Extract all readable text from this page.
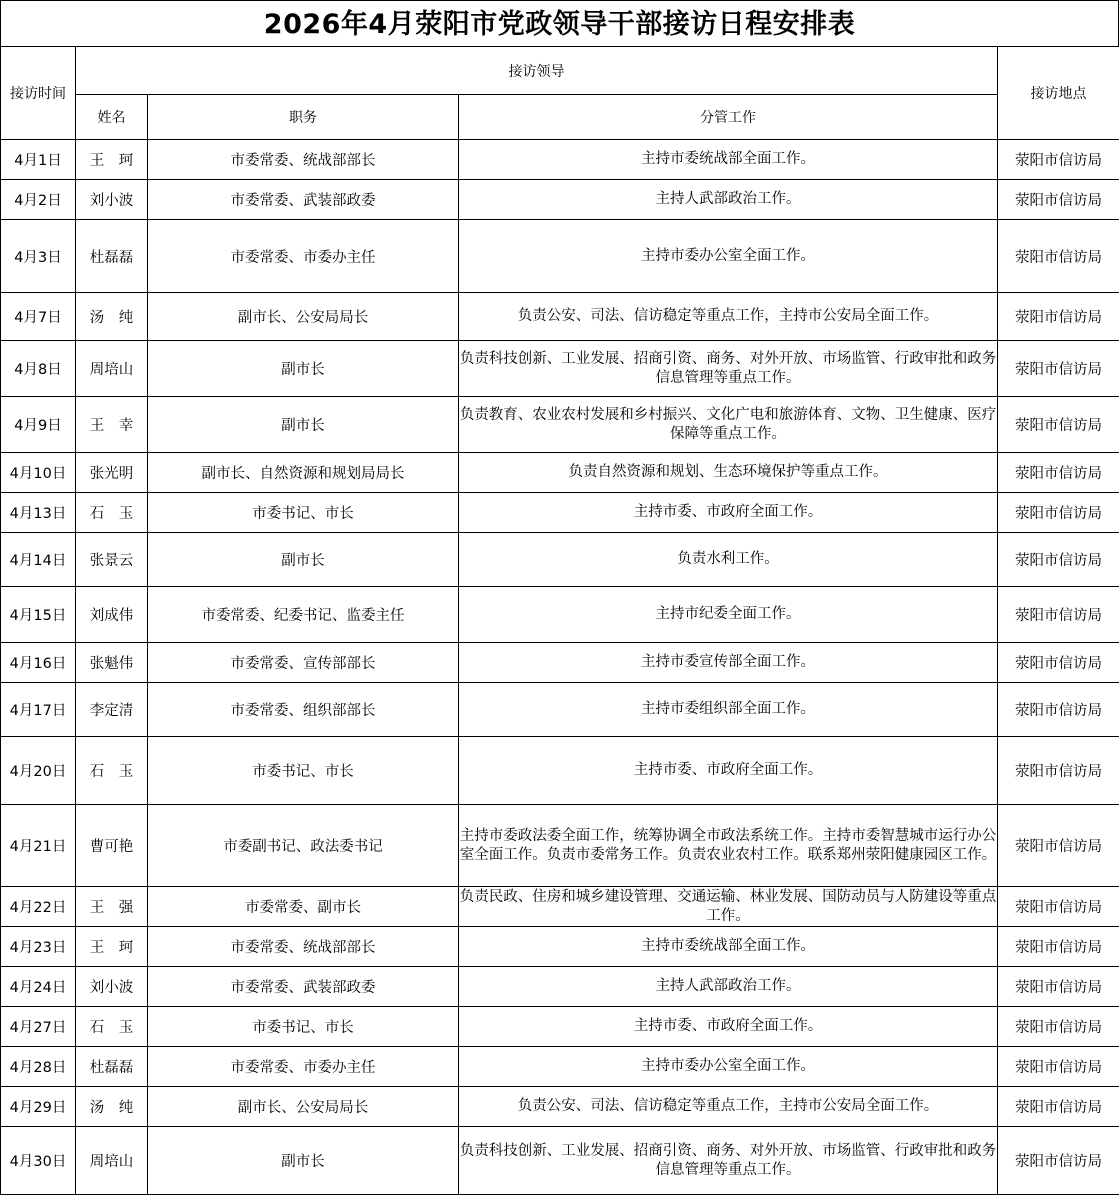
2026年4月荥阳市党政领导干部接访日程安排表
接访时间	接访领导			接访地点
	姓名	职务	分管工作	
4月1日	王　珂	市委常委、统战部部长	主持市委统战部全面工作。	荥阳市信访局
4月2日	刘小波	市委常委、武装部政委	主持人武部政治工作。	荥阳市信访局
4月3日	杜磊磊	市委常委、市委办主任	主持市委办公室全面工作。	荥阳市信访局
4月7日	汤　纯	副市长、公安局局长	负责公安、司法、信访稳定等重点工作，主持市公安局全面工作。	荥阳市信访局
4月8日	周培山	副市长	负责科技创新、工业发展、招商引资、商务、对外开放、市场监管、行政审批和政务信息管理等重点工作。	荥阳市信访局
4月9日	王　幸	副市长	负责教育、农业农村发展和乡村振兴、文化广电和旅游体育、文物、卫生健康、医疗保障等重点工作。	荥阳市信访局
4月10日	张光明	副市长、自然资源和规划局局长	负责自然资源和规划、生态环境保护等重点工作。	荥阳市信访局
4月13日	石　玉	市委书记、市长	主持市委、市政府全面工作。	荥阳市信访局
4月14日	张景云	副市长	负责水利工作。	荥阳市信访局
4月15日	刘成伟	市委常委、纪委书记、监委主任	主持市纪委全面工作。	荥阳市信访局
4月16日	张魁伟	市委常委、宣传部部长	主持市委宣传部全面工作。	荥阳市信访局
4月17日	李定清	市委常委、组织部部长	主持市委组织部全面工作。	荥阳市信访局
4月20日	石　玉	市委书记、市长	主持市委、市政府全面工作。	荥阳市信访局
4月21日	曹可艳	市委副书记、政法委书记	主持市委政法委全面工作，统筹协调全市政法系统工作。主持市委智慧城市运行办公室全面工作。负责市委常务工作。负责农业农村工作。联系郑州荥阳健康园区工作。	荥阳市信访局
4月22日	王　强	市委常委、副市长	负责民政、住房和城乡建设管理、交通运输、林业发展、国防动员与人防建设等重点工作。	荥阳市信访局
4月23日	王　珂	市委常委、统战部部长	主持市委统战部全面工作。	荥阳市信访局
4月24日	刘小波	市委常委、武装部政委	主持人武部政治工作。	荥阳市信访局
4月27日	石　玉	市委书记、市长	主持市委、市政府全面工作。	荥阳市信访局
4月28日	杜磊磊	市委常委、市委办主任	主持市委办公室全面工作。	荥阳市信访局
4月29日	汤　纯	副市长、公安局局长	负责公安、司法、信访稳定等重点工作，主持市公安局全面工作。	荥阳市信访局
4月30日	周培山	副市长	负责科技创新、工业发展、招商引资、商务、对外开放、市场监管、行政审批和政务信息管理等重点工作。	荥阳市信访局
